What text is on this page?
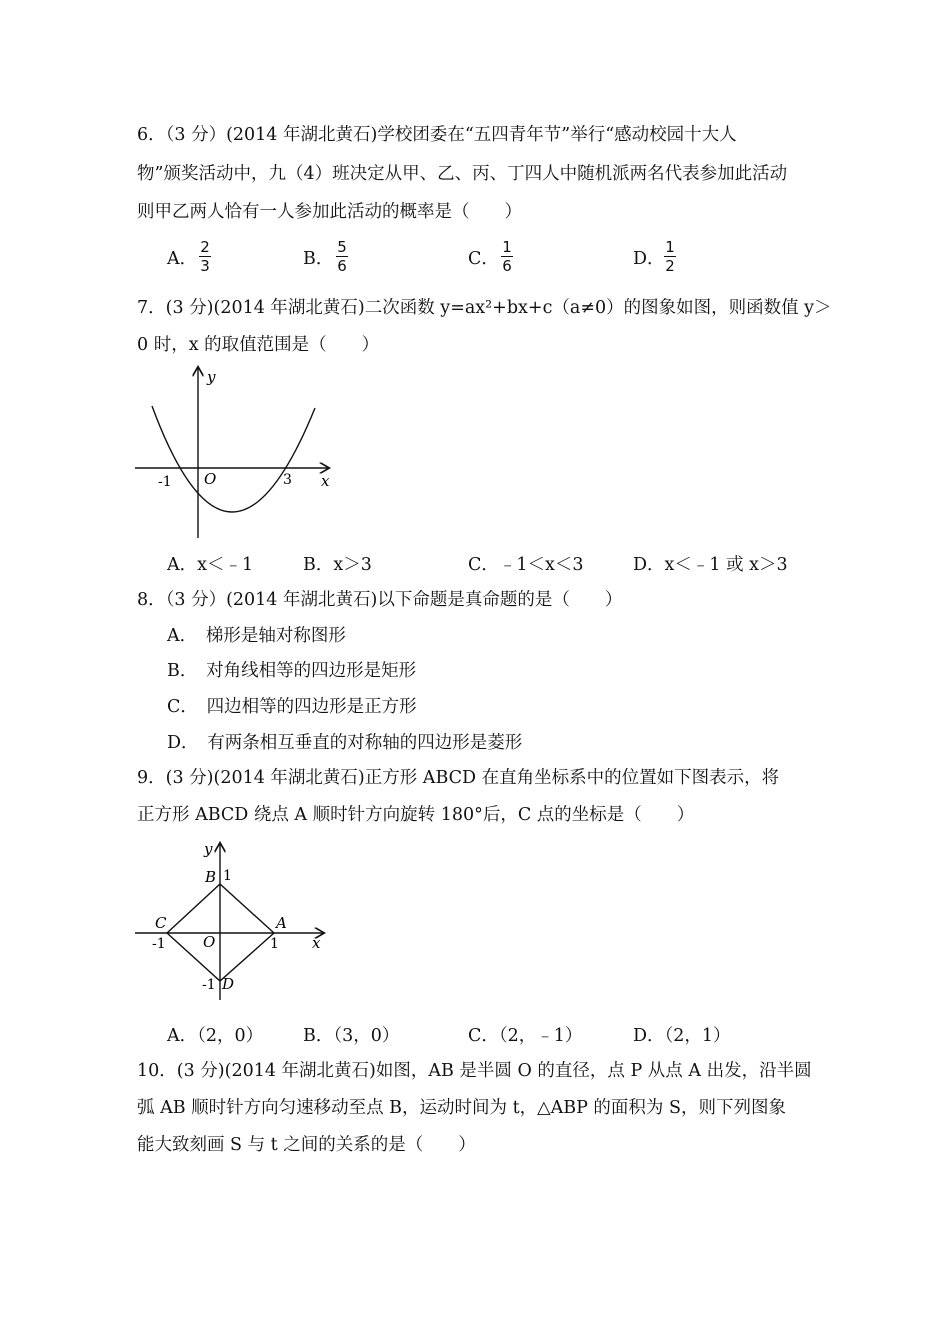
6．（3 分）(2014 年湖北黄石)学校团委在“五四青年节”举行“感动校园十大人
物”颁奖活动中，九（4）班决定从甲、乙、丙、丁四人中随机派两名代表参加此活动
则甲乙两人恰有一人参加此活动的概率是（　　）
A．
2
3	B．
5
6	C．
1
6	D．
1
2
7．(3 分)(2014 年湖北黄石)二次函数 y=ax²+bx+c（a≠0）的图象如图，则函数值 y＞
0 时，x 的取值范围是（　　）
y
x
O
-1	3
A．x＜﹣1	B．x＞3	C．﹣1＜x＜3	D．x＜﹣1 或 x＞3
8．（3 分）(2014 年湖北黄石)以下命题是真命题的是（　　）
A．　梯形是轴对称图形
B．　对角线相等的四边形是矩形
C．　四边相等的四边形是正方形
D．　有两条相互垂直的对称轴的四边形是菱形
9．(3 分)(2014 年湖北黄石)正方形 ABCD 在直角坐标系中的位置如下图表示，将
正方形 ABCD 绕点 A 顺时针方向旋转 180°后，C 点的坐标是（　　）
y
x
O
B 1
C
-1
A
1
-1 D
A．（2，0） B．（3，0）	C．（2，﹣1）	D．（2，1）
10．(3 分)(2014 年湖北黄石)如图，AB 是半圆 O 的直径，点 P 从点 A 出发，沿半圆
弧 AB 顺时针方向匀速移动至点 B，运动时间为 t，△ABP 的面积为 S，则下列图象
能大致刻画 S 与 t 之间的关系的是（　　）
